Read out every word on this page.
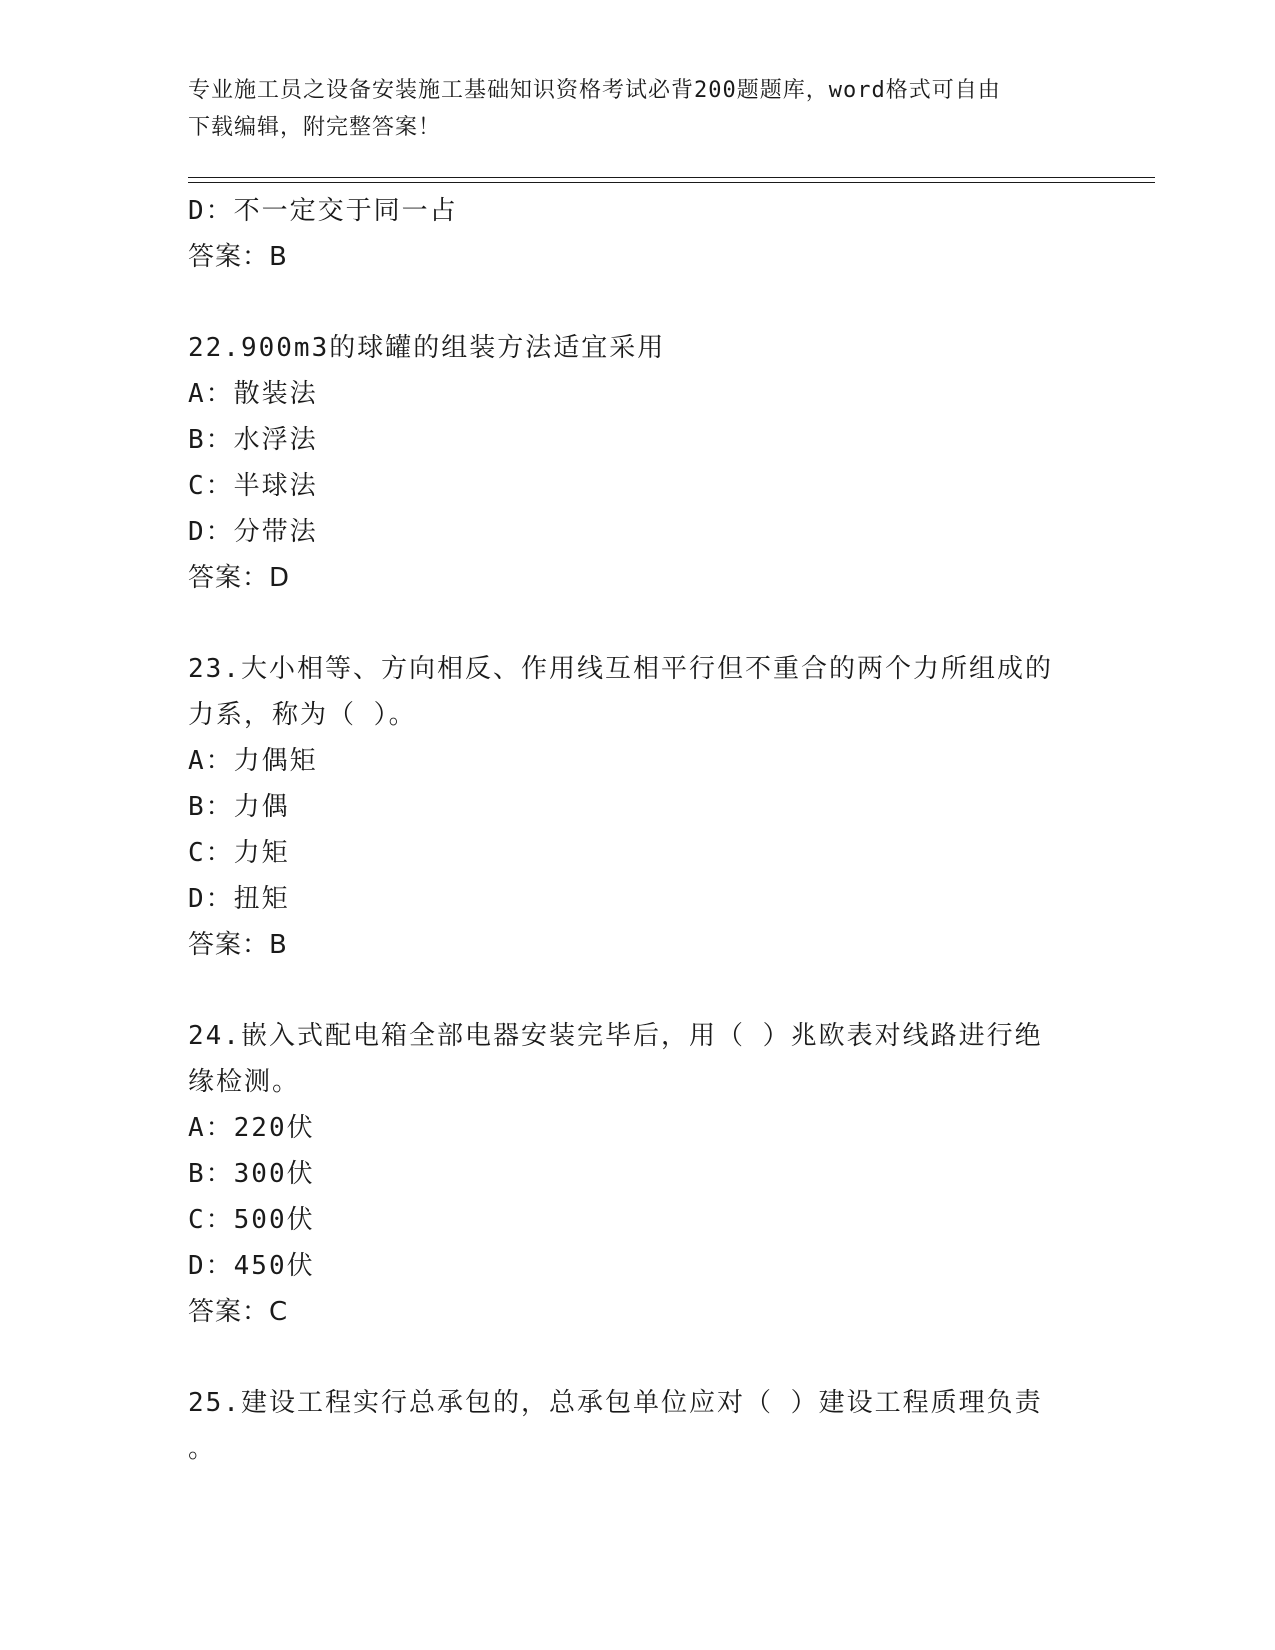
专业施工员之设备安装施工基础知识资格考试必背200题题库，word格式可自由
下载编辑，附完整答案！
D：不一定交于同一占
答案：B
22.900m3的球罐的组装方法适宜采用
A：散装法
B：水浮法
C：半球法
D：分带法
答案：D
23.大小相等、方向相反、作用线互相平行但不重合的两个力所组成的
力系，称为（ ）。
A：力偶矩
B：力偶
C：力矩
D：扭矩
答案：B
24.嵌入式配电箱全部电器安装完毕后，用（ ）兆欧表对线路进行绝
缘检测。
A：220伏
B：300伏
C：500伏
D：450伏
答案：C
25.建设工程实行总承包的，总承包单位应对（ ）建设工程质理负责
。
